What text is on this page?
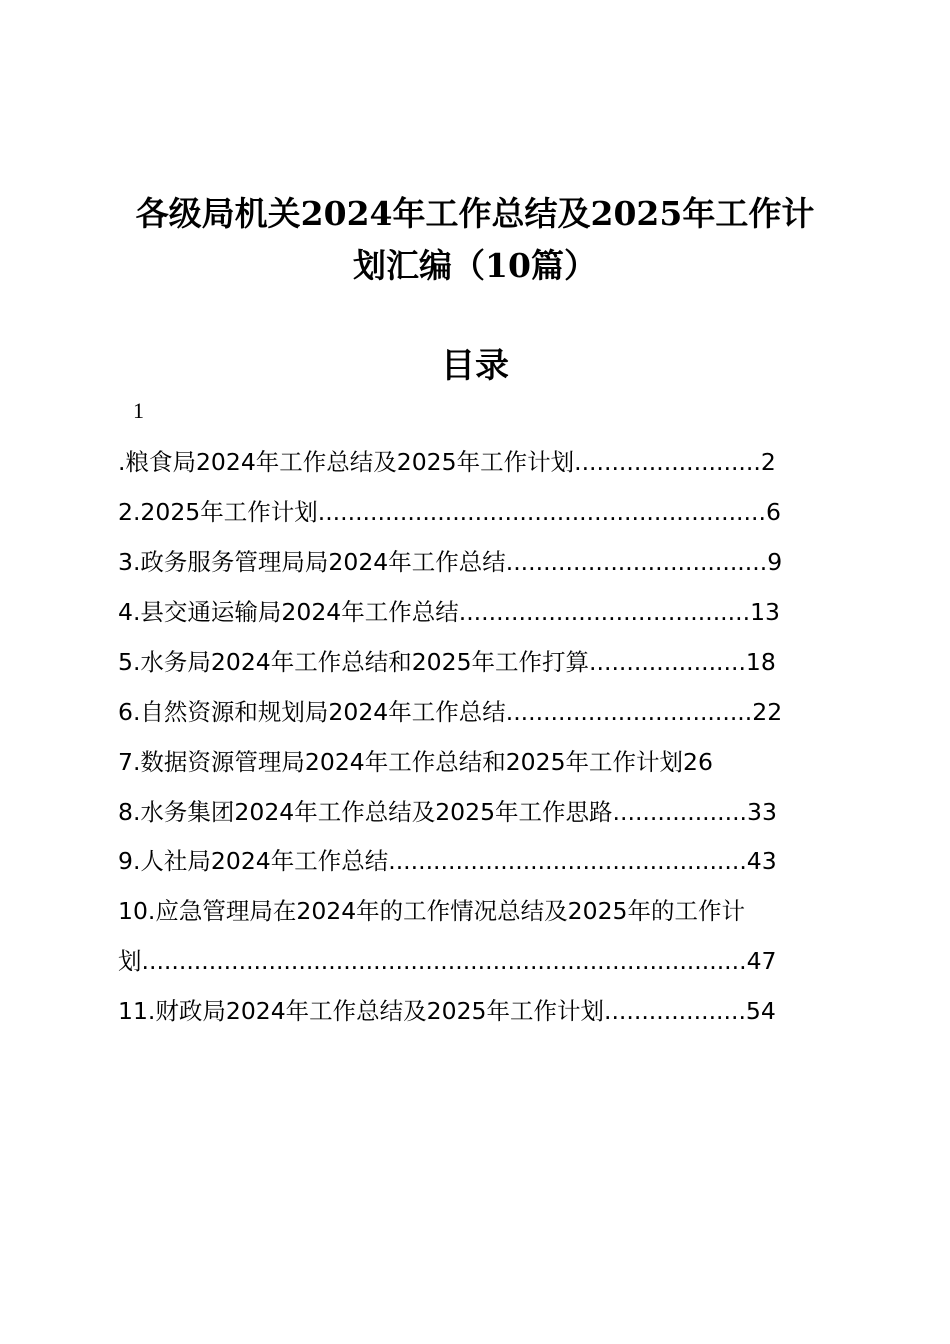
各级局机关2024年工作总结及2025年工作计
划汇编（10篇）
目录
1
.粮食局2024年工作总结及2025年工作计划.........................2
2.2025年工作计划............................................................6
3.政务服务管理局局2024年工作总结...................................9
4.县交通运输局2024年工作总结.......................................13
5.水务局2024年工作总结和2025年工作打算.....................18
6.自然资源和规划局2024年工作总结.................................22
7.数据资源管理局2024年工作总结和2025年工作计划26
8.水务集团2024年工作总结及2025年工作思路..................33
9.人社局2024年工作总结................................................43
10.应急管理局在2024年的工作情况总结及2025年的工作计
划.................................................................................47
11.财政局2024年工作总结及2025年工作计划...................54
